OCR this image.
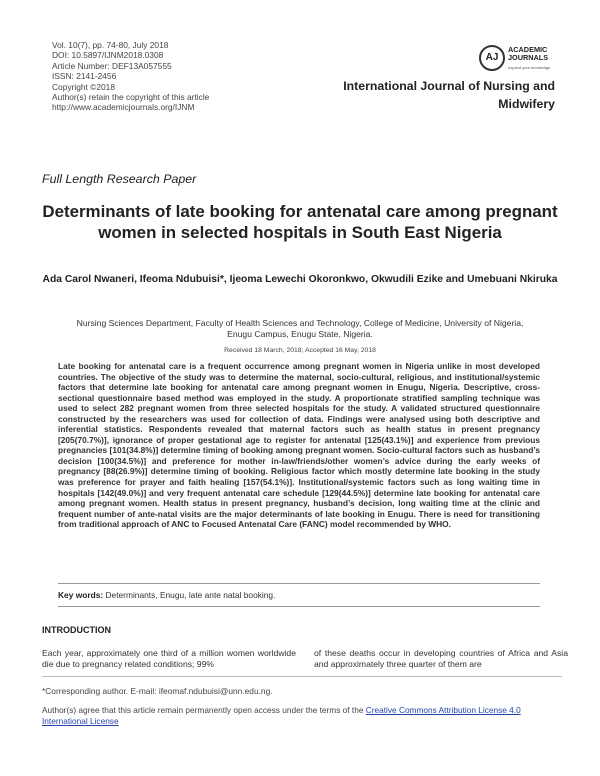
Vol. 10(7), pp. 74-80, July 2018
DOI: 10.5897/IJNM2018.0308
Article Number: DEF13A057555
ISSN: 2141-2456
Copyright ©2018
Author(s) retain the copyright of this article
http://www.academicjournals.org/IJNM
AJ
ACADEMIC
JOURNALS
expand your knowledge
International Journal of Nursing and
Midwifery
Full Length Research Paper
Determinants of late booking for antenatal care among pregnant women in selected hospitals in South East Nigeria
Ada Carol Nwaneri, Ifeoma Ndubuisi*, Ijeoma Lewechi Okoronkwo, Okwudili Ezike and Umebuani Nkiruka
Nursing Sciences Department, Faculty of Health Sciences and Technology, College of Medicine, University of Nigeria,
Enugu Campus, Enugu State, Nigeria.
Received 18 March, 2018; Accepted 16 May, 2018

Late booking for antenatal care is a frequent occurrence among pregnant women in Nigeria unlike in most developed countries. The objective of the study was to determine the maternal, socio-cultural, religious, and institutional/systemic factors that determine late booking for antenatal care among pregnant women in Enugu, Nigeria. Descriptive, cross-sectional questionnaire based method was employed in the study. A proportionate stratified sampling technique was used to select 282 pregnant women from three selected hospitals for the study. A validated structured questionnaire constructed by the researchers was used for collection of data. Findings were analysed using both descriptive and inferential statistics. Respondents revealed that maternal factors such as health status in present pregnancy [205(70.7%)], ignorance of proper gestational age to register for antenatal [125(43.1%)] and experience from previous pregnancies [101(34.8%)] determine timing of booking among pregnant women. Socio-cultural factors such as husband’s decision [100(34.5%)] and preference for mother in-law/friends/other women’s advice during the early weeks of pregnancy [88(26.9%)] determine timing of booking. Religious factor which mostly determine late booking in the study was preference for prayer and faith healing [157(54.1%)]. Institutional/systemic factors such as long waiting time in hospitals [142(49.0%)] and very frequent antenatal care schedule [129(44.5%)] determine late booking for antenatal care among pregnant women. Health status in present pregnancy, husband’s decision, long waiting time at the clinic and frequent number of ante-natal visits are the major determinants of late booking in Enugu. There is need for transitioning from traditional approach of ANC to Focused Antenatal Care (FANC) model recommended by WHO.

Key words: Determinants, Enugu, late ante natal booking.
INTRODUCTION

Each year, approximately one third of a million women worldwide die due to pregnancy related conditions; 99%

of these deaths occur in developing countries of Africa and Asia and approximately three quarter of them are

*Corresponding author. E-mail: ifeomaf.ndubuisi@unn.edu.ng.

Author(s) agree that this article remain permanently open access under the terms of the Creative Commons Attribution License 4.0 International License
